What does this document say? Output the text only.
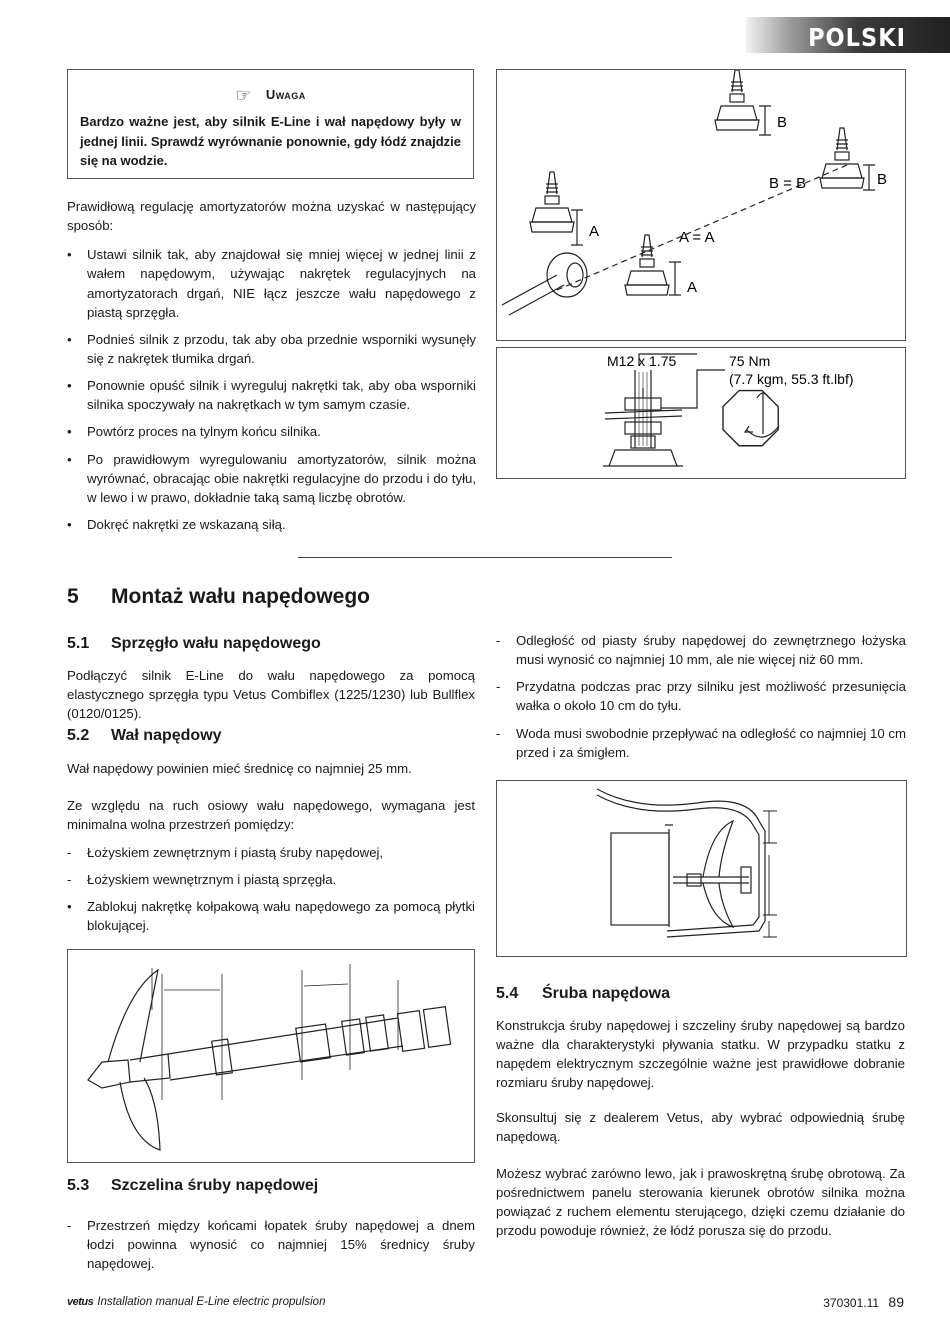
POLSKI
☞ Uwaga

Bardzo ważne jest, aby silnik E-Line i wał napędowy były w jednej linii. Sprawdź wyrównanie ponownie, gdy łódź znajdzie się na wodzie.

Prawidłową regulację amortyzatorów można uzyskać w następujący sposób:

• Ustawi silnik tak, aby znajdował się mniej więcej w jednej linii z wałem napędowym, używając nakrętek regulacyjnych na amortyzatorach drgań, NIE łącz jeszcze wału napędowego z piastą sprzęgła.
• Podnieś silnik z przodu, tak aby oba przednie wsporniki wysunęły się z nakrętek tłumika drgań.
• Ponownie opuść silnik i wyreguluj nakrętki tak, aby oba wsporniki silnika spoczywały na nakrętkach w tym samym czasie.
• Powtórz proces na tylnym końcu silnika.
• Po prawidłowym wyregulowaniu amortyzatorów, silnik można wyrównać, obracając obie nakrętki regulacyjne do przodu i do tyłu, w lewo i w prawo, dokładnie taką samą liczbę obrotów.
• Dokręć nakrętki ze wskazaną siłą.
A	A = A
A
B
B = B	B
M12 x 1.75	75 Nm
(7.7 kgm, 55.3 ft.lbf)
5 Montaż wału napędowego
5.1 Sprzęgło wału napędowego

Podłączyć silnik E-Line do wału napędowego za pomocą elastycznego sprzęgła typu Vetus Combiflex (1225/1230) lub Bullflex (0120/0125).

5.2 Wał napędowy

Wał napędowy powinien mieć średnicę co najmniej 25 mm.

Ze względu na ruch osiowy wału napędowego, wymagana jest minimalna wolna przestrzeń pomiędzy:

- Łożyskiem zewnętrznym i piastą śruby napędowej,
- Łożyskiem wewnętrznym i piastą sprzęgła.
• Zablokuj nakrętkę kołpakową wału napędowego za pomocą płytki blokującej.
5.3 Szczelina śruby napędowej
- Przestrzeń między końcami łopatek śruby napędowej a dnem łodzi powinna wynosić co najmniej 15% średnicy śruby napędowej.
- Odległość od piasty śruby napędowej do zewnętrznego łożyska musi wynosić co najmniej 10 mm, ale nie więcej niż 60 mm.
- Przydatna podczas prac przy silniku jest możliwość przesunięcia wałka o około 10 cm do tyłu.
- Woda musi swobodnie przepływać na odległość co najmniej 10 cm przed i za śmigłem.
5.4 Śruba napędowa

Konstrukcja śruby napędowej i szczeliny śruby napędowej są bardzo ważne dla charakterystyki pływania statku. W przypadku statku z napędem elektrycznym szczególnie ważne jest prawidłowe dobranie rozmiaru śruby napędowej.

Skonsultuj się z dealerem Vetus, aby wybrać odpowiednią śrubę napędową.

Możesz wybrać zarówno lewo, jak i prawoskrętną śrubę obrotową. Za pośrednictwem panelu sterowania kierunek obrotów silnika można powiązać z ruchem elementu sterującego, dzięki czemu działanie do przodu powoduje również, że łódź porusza się do przodu.

vetus Installation manual E-Line electric propulsion	370301.11 89
